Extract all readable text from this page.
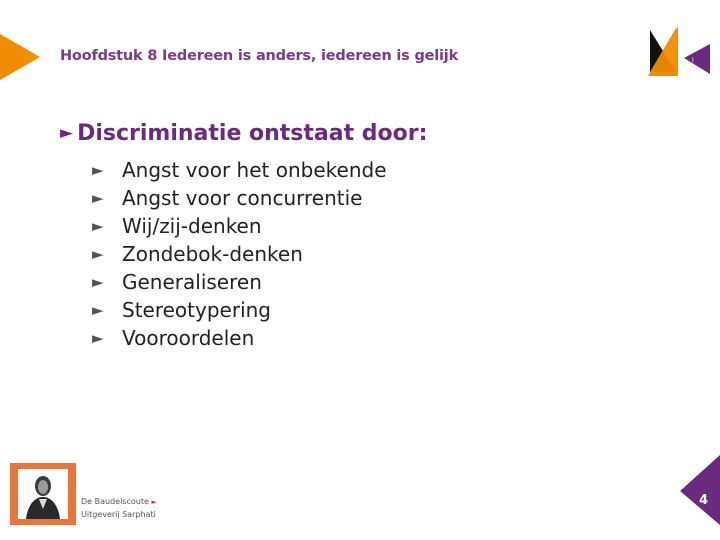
Hoofdstuk 8 Iedereen is anders, iedereen is gelijk
L
I
► Discriminatie ontstaat door:
► Angst voor het onbekende
► Angst voor concurrentie
► Wij/zij-denken
► Zondebok-denken
► Generaliseren
► Stereotypering
► Vooroordelen
De Baudelscoute ►
Uitgeverij Sarphati
4
